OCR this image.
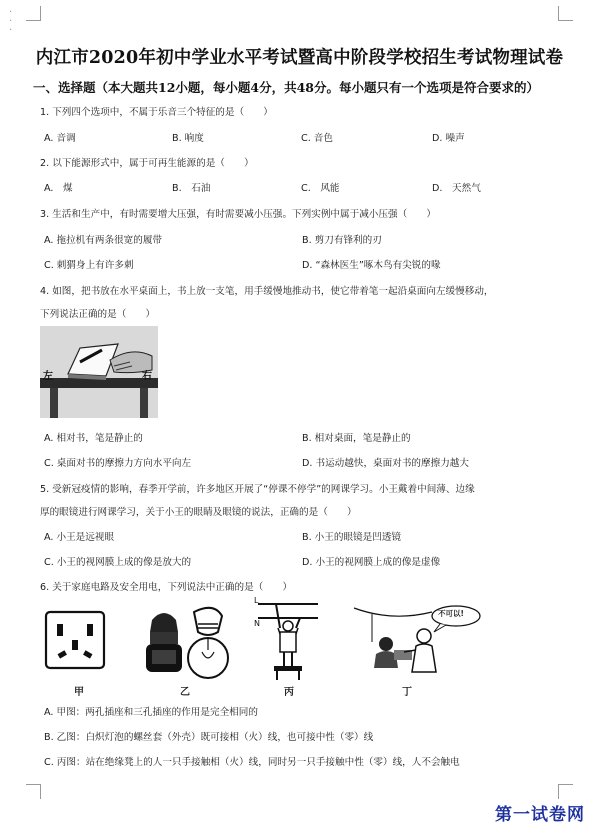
·
·
·
内江市2020年初中学业水平考试暨高中阶段学校招生考试物理试卷
一、选择题（本大题共12小题，每小题4分，共48分。每小题只有一个选项是符合要求的）
1. 下列四个选项中，不属于乐音三个特征的是（　　）
A. 音调	B. 响度	C. 音色	D. 噪声
2. 以下能源形式中，属于可再生能源的是（　　）
A.　煤	B.　石油	C.　风能	D.　天然气
3. 生活和生产中，有时需要增大压强，有时需要减小压强。下列实例中属于减小压强（　　）
A. 拖拉机有两条很宽的履带	B. 剪刀有锋利的刃
C. 刺猬身上有许多刺	D. “森林医生”啄木鸟有尖锐的喙
4. 如图，把书放在水平桌面上，书上放一支笔，用手缓慢地推动书，使它带着笔一起沿桌面向左缓慢移动，
下列说法正确的是（　　）
左	右
A. 相对书，笔是静止的	B. 相对桌面，笔是静止的
C. 桌面对书的摩擦力方向水平向左	D. 书运动越快，桌面对书的摩擦力越大
5. 受新冠疫情的影响，春季开学前，许多地区开展了“停课不停学”的网课学习。小王戴着中间薄、边缘
厚的眼镜进行网课学习，关于小王的眼睛及眼镜的说法，正确的是（　　）
A. 小王是远视眼	B. 小王的眼镜是凹透镜
C. 小王的视网膜上成的像是放大的	D. 小王的视网膜上成的像是虚像
6. 关于家庭电路及安全用电，下列说法中正确的是（　　）
甲	乙
L
N
丙
不可以!
丁
A. 甲图：两孔插座和三孔插座的作用是完全相同的
B. 乙图：白炽灯泡的螺丝套（外壳）既可接相（火）线，也可接中性（零）线
C. 丙图：站在绝缘凳上的人一只手接触相（火）线，同时另一只手接触中性（零）线，人不会触电
第一试卷网
